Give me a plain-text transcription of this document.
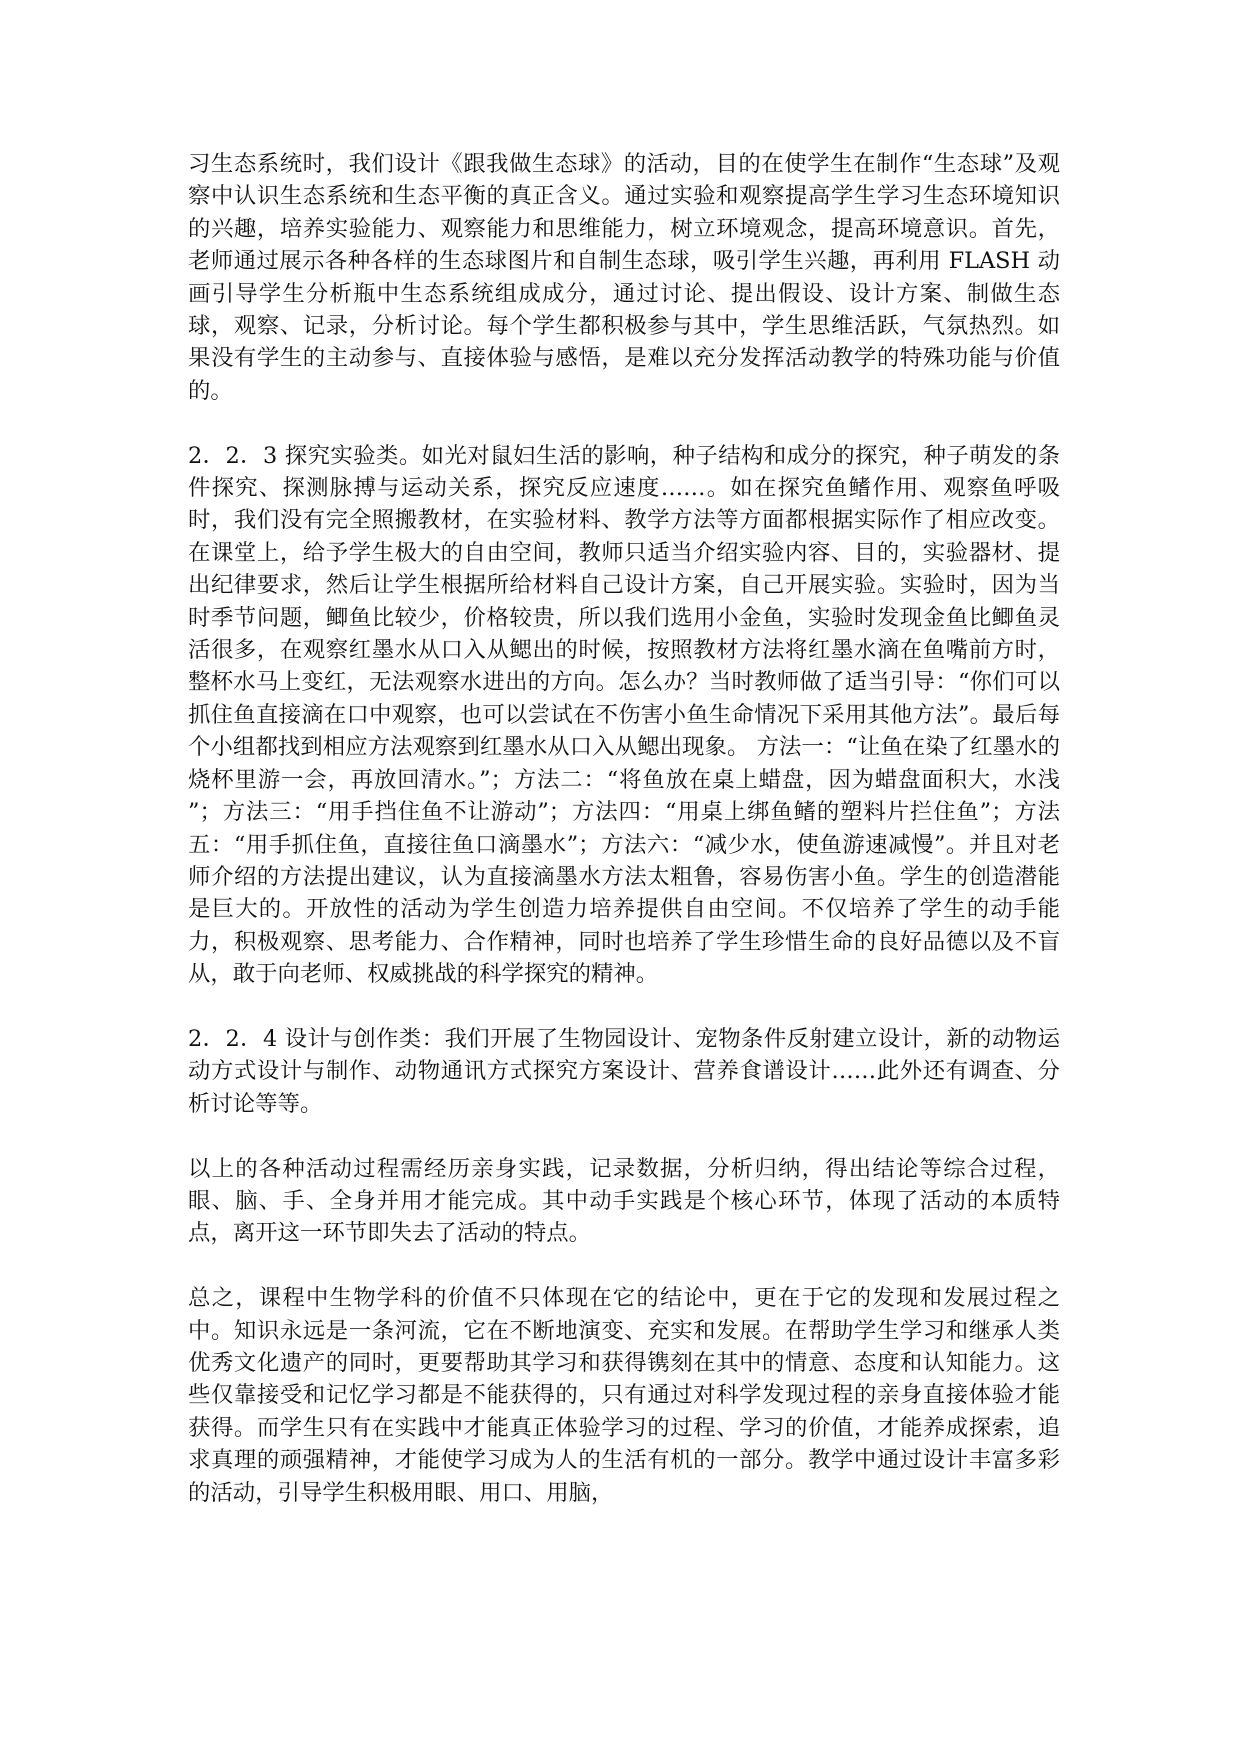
习生态系统时，我们设计《跟我做生态球》的活动，目的在使学生在制作“生态球”及观察中认识生态系统和生态平衡的真正含义。通过实验和观察提高学生学习生态环境知识的兴趣，培养实验能力、观察能力和思维能力，树立环境观念，提高环境意识。首先，老师通过展示各种各样的生态球图片和自制生态球，吸引学生兴趣，再利用 FLASH 动画引导学生分析瓶中生态系统组成成分，通过讨论、提出假设、设计方案、制做生态球，观察、记录，分析讨论。每个学生都积极参与其中，学生思维活跃，气氛热烈。如果没有学生的主动参与、直接体验与感悟，是难以充分发挥活动教学的特殊功能与价值的。

2．2．3 探究实验类。如光对鼠妇生活的影响，种子结构和成分的探究，种子萌发的条件探究、探测脉搏与运动关系，探究反应速度……。如在探究鱼鳍作用、观察鱼呼吸时，我们没有完全照搬教材，在实验材料、教学方法等方面都根据实际作了相应改变。在课堂上，给予学生极大的自由空间，教师只适当介绍实验内容、目的，实验器材、提出纪律要求，然后让学生根据所给材料自己设计方案，自己开展实验。实验时，因为当时季节问题，鲫鱼比较少，价格较贵，所以我们选用小金鱼，实验时发现金鱼比鲫鱼灵活很多，在观察红墨水从口入从鳃出的时候，按照教材方法将红墨水滴在鱼嘴前方时，整杯水马上变红，无法观察水进出的方向。怎么办？当时教师做了适当引导：“你们可以抓住鱼直接滴在口中观察，也可以尝试在不伤害小鱼生命情况下采用其他方法”。最后每个小组都找到相应方法观察到红墨水从口入从鳃出现象。 方法一：“让鱼在染了红墨水的烧杯里游一会，再放回清水。”；方法二：“将鱼放在桌上蜡盘，因为蜡盘面积大，水浅 ”；方法三：“用手挡住鱼不让游动”；方法四：“用桌上绑鱼鳍的塑料片拦住鱼”；方法五：“用手抓住鱼，直接往鱼口滴墨水”；方法六：“减少水，使鱼游速减慢”。并且对老师介绍的方法提出建议，认为直接滴墨水方法太粗鲁，容易伤害小鱼。学生的创造潜能是巨大的。开放性的活动为学生创造力培养提供自由空间。不仅培养了学生的动手能力，积极观察、思考能力、合作精神，同时也培养了学生珍惜生命的良好品德以及不盲从，敢于向老师、权威挑战的科学探究的精神。

2．2．4 设计与创作类：我们开展了生物园设计、宠物条件反射建立设计，新的动物运动方式设计与制作、动物通讯方式探究方案设计、营养食谱设计……此外还有调查、分析讨论等等。

以上的各种活动过程需经历亲身实践，记录数据，分析归纳，得出结论等综合过程，眼、脑、手、全身并用才能完成。其中动手实践是个核心环节，体现了活动的本质特点，离开这一环节即失去了活动的特点。

总之，课程中生物学科的价值不只体现在它的结论中，更在于它的发现和发展过程之中。知识永远是一条河流，它在不断地演变、充实和发展。在帮助学生学习和继承人类优秀文化遗产的同时，更要帮助其学习和获得镌刻在其中的情意、态度和认知能力。这些仅靠接受和记忆学习都是不能获得的，只有通过对科学发现过程的亲身直接体验才能获得。而学生只有在实践中才能真正体验学习的过程、学习的价值，才能养成探索，追求真理的顽强精神，才能使学习成为人的生活有机的一部分。教学中通过设计丰富多彩的活动，引导学生积极用眼、用口、用脑，
